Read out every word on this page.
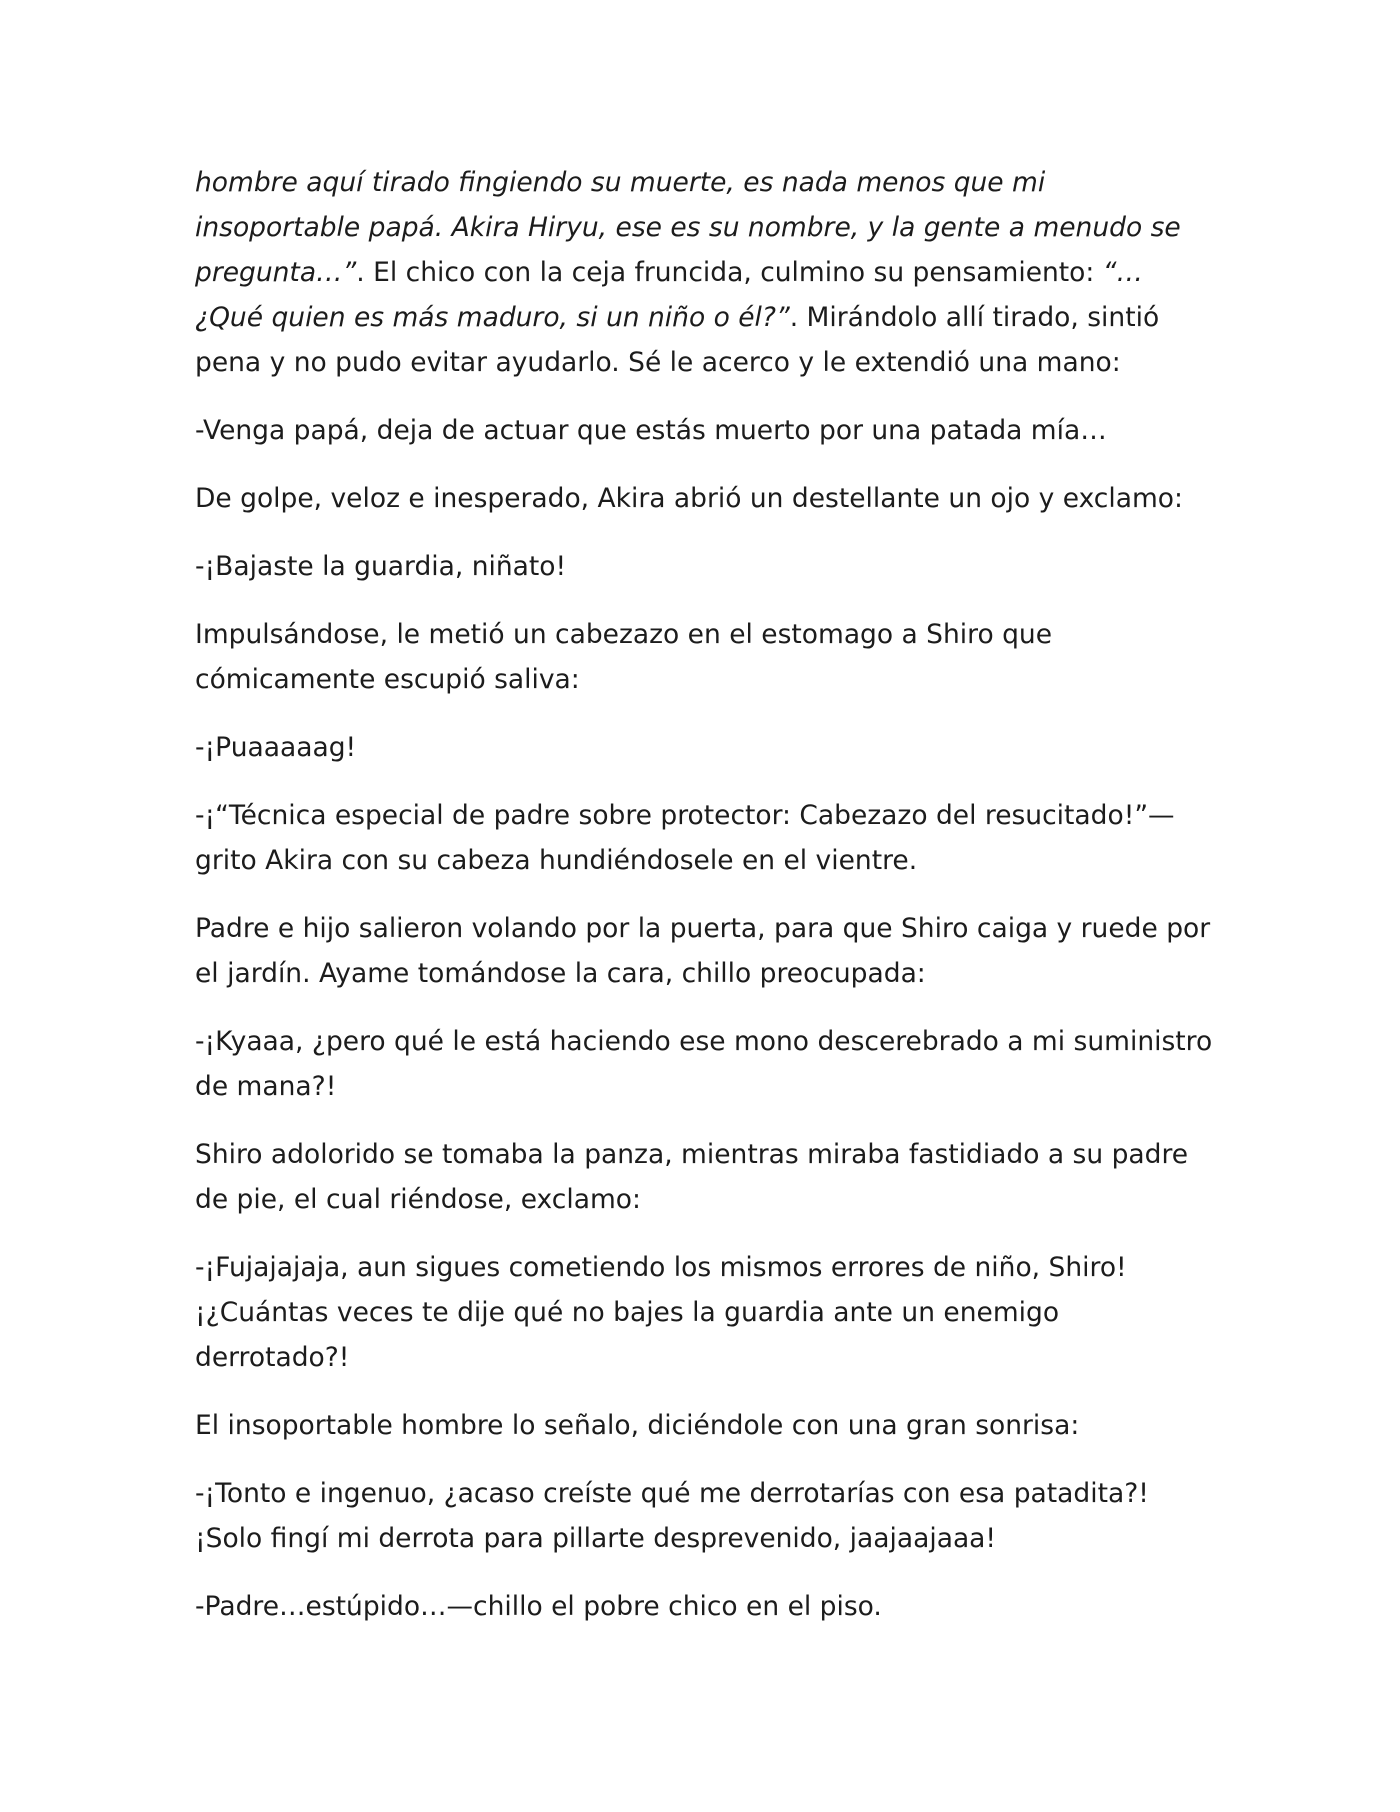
hombre aquí tirado fingiendo su muerte, es nada menos que mi insoportable papá. Akira Hiryu, ese es su nombre, y la gente a menudo se pregunta…”. El chico con la ceja fruncida, culmino su pensamiento: “… ¿Qué quien es más maduro, si un niño o él?”. Mirándolo allí tirado, sintió pena y no pudo evitar ayudarlo. Sé le acerco y le extendió una mano:

-Venga papá, deja de actuar que estás muerto por una patada mía…

De golpe, veloz e inesperado, Akira abrió un destellante un ojo y exclamo:

-¡Bajaste la guardia, niñato!

Impulsándose, le metió un cabezazo en el estomago a Shiro que cómicamente escupió saliva:

-¡Puaaaaag!

-¡“Técnica especial de padre sobre protector: Cabezazo del resucitado!”—grito Akira con su cabeza hundiéndosele en el vientre.

Padre e hijo salieron volando por la puerta, para que Shiro caiga y ruede por el jardín. Ayame tomándose la cara, chillo preocupada:

-¡Kyaaa, ¿pero qué le está haciendo ese mono descerebrado a mi suministro de mana?!

Shiro adolorido se tomaba la panza, mientras miraba fastidiado a su padre de pie, el cual riéndose, exclamo:

-¡Fujajajaja, aun sigues cometiendo los mismos errores de niño, Shiro! ¡¿Cuántas veces te dije qué no bajes la guardia ante un enemigo derrotado?!

El insoportable hombre lo señalo, diciéndole con una gran sonrisa:

-¡Tonto e ingenuo, ¿acaso creíste qué me derrotarías con esa patadita?! ¡Solo fingí mi derrota para pillarte desprevenido, jaajaajaaa!

-Padre…estúpido…—chillo el pobre chico en el piso.
